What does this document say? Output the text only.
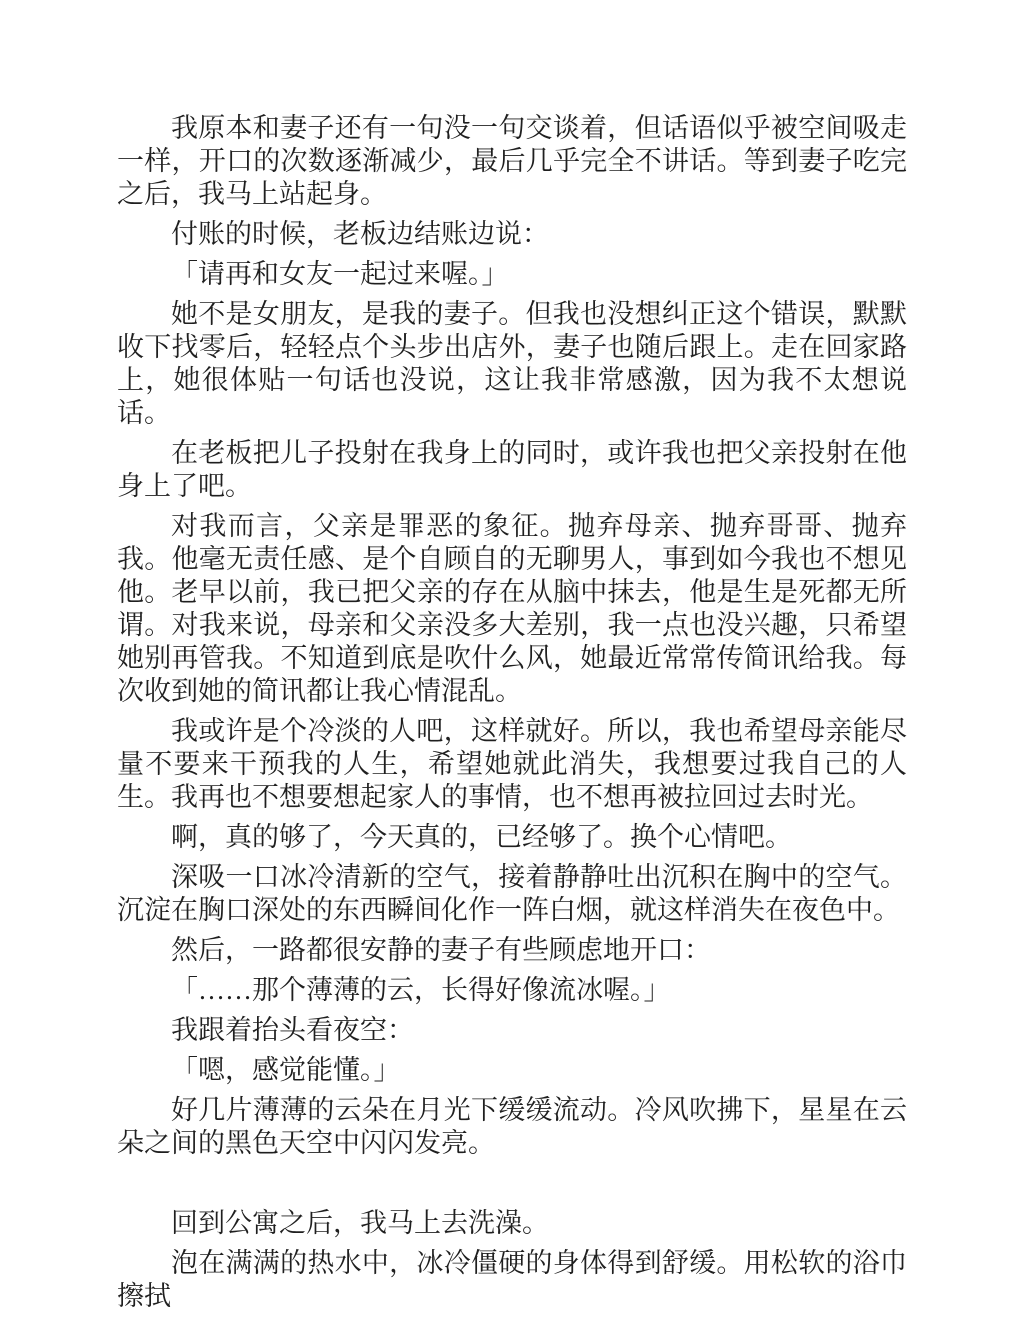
我原本和妻子还有一句没一句交谈着，但话语似乎被空间吸走一样，开口的次数逐渐减少，最后几乎完全不讲话。等到妻子吃完之后，我马上站起身。

付账的时候，老板边结账边说：

「请再和女友一起过来喔。」

她不是女朋友，是我的妻子。但我也没想纠正这个错误，默默收下找零后，轻轻点个头步出店外，妻子也随后跟上。走在回家路上，她很体贴一句话也没说，这让我非常感激，因为我不太想说话。

在老板把儿子投射在我身上的同时，或许我也把父亲投射在他身上了吧。

对我而言，父亲是罪恶的象征。抛弃母亲、抛弃哥哥、抛弃我。他毫无责任感、是个自顾自的无聊男人，事到如今我也不想见他。老早以前，我已把父亲的存在从脑中抹去，他是生是死都无所谓。对我来说，母亲和父亲没多大差别，我一点也没兴趣，只希望她别再管我。不知道到底是吹什么风，她最近常常传简讯给我。每次收到她的简讯都让我心情混乱。

我或许是个冷淡的人吧，这样就好。所以，我也希望母亲能尽量不要来干预我的人生，希望她就此消失，我想要过我自己的人生。我再也不想要想起家人的事情，也不想再被拉回过去时光。

啊，真的够了，今天真的，已经够了。换个心情吧。

深吸一口冰冷清新的空气，接着静静吐出沉积在胸中的空气。沉淀在胸口深处的东西瞬间化作一阵白烟，就这样消失在夜色中。

然后，一路都很安静的妻子有些顾虑地开口：

「……那个薄薄的云，长得好像流冰喔。」

我跟着抬头看夜空：

「嗯，感觉能懂。」

好几片薄薄的云朵在月光下缓缓流动。冷风吹拂下，星星在云朵之间的黑色天空中闪闪发亮。

回到公寓之后，我马上去洗澡。

泡在满满的热水中，冰冷僵硬的身体得到舒缓。用松软的浴巾擦拭
